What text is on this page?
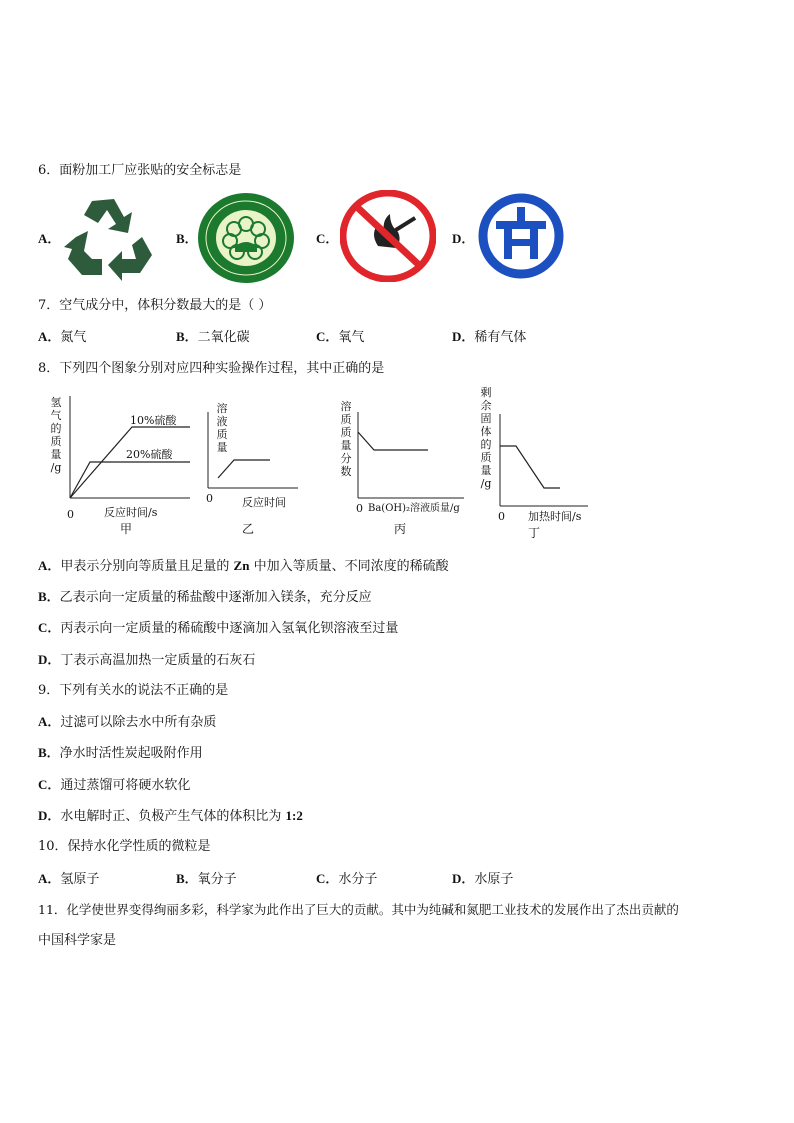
6．面粉加工厂应张贴的安全标志是
A．	B．	C．	D．
7．空气成分中，体积分数最大的是（ ）
A．氮气	B．二氧化碳	C．氧气	D．稀有气体
8．下列四个图象分别对应四种实验操作过程，其中正确的是
氢
气
的
质
量
/g
10%硫酸
20%硫酸
0	反应时间/s
甲
溶
液
质
量
0	反应时间
乙
溶
质
质
量
分
数
0 Ba(OH)₂溶液质量/g
丙
剩
余
固
体
的
质
量
/g
0 加热时间/s
丁
A．甲表示分别向等质量且足量的 Zn 中加入等质量、不同浓度的稀硫酸
B．乙表示向一定质量的稀盐酸中逐渐加入镁条，充分反应
C．丙表示向一定质量的稀硫酸中逐滴加入氢氧化钡溶液至过量
D．丁表示高温加热一定质量的石灰石
9．下列有关水的说法不正确的是
A．过滤可以除去水中所有杂质
B．净水时活性炭起吸附作用
C．通过蒸馏可将硬水软化
D．水电解时正、负极产生气体的体积比为 1:2
10．保持水化学性质的微粒是
A．氢原子	B．氧分子	C．水分子	D．水原子
11．化学使世界变得绚丽多彩，科学家为此作出了巨大的贡献。其中为纯碱和氮肥工业技术的发展作出了杰出贡献的
中国科学家是
